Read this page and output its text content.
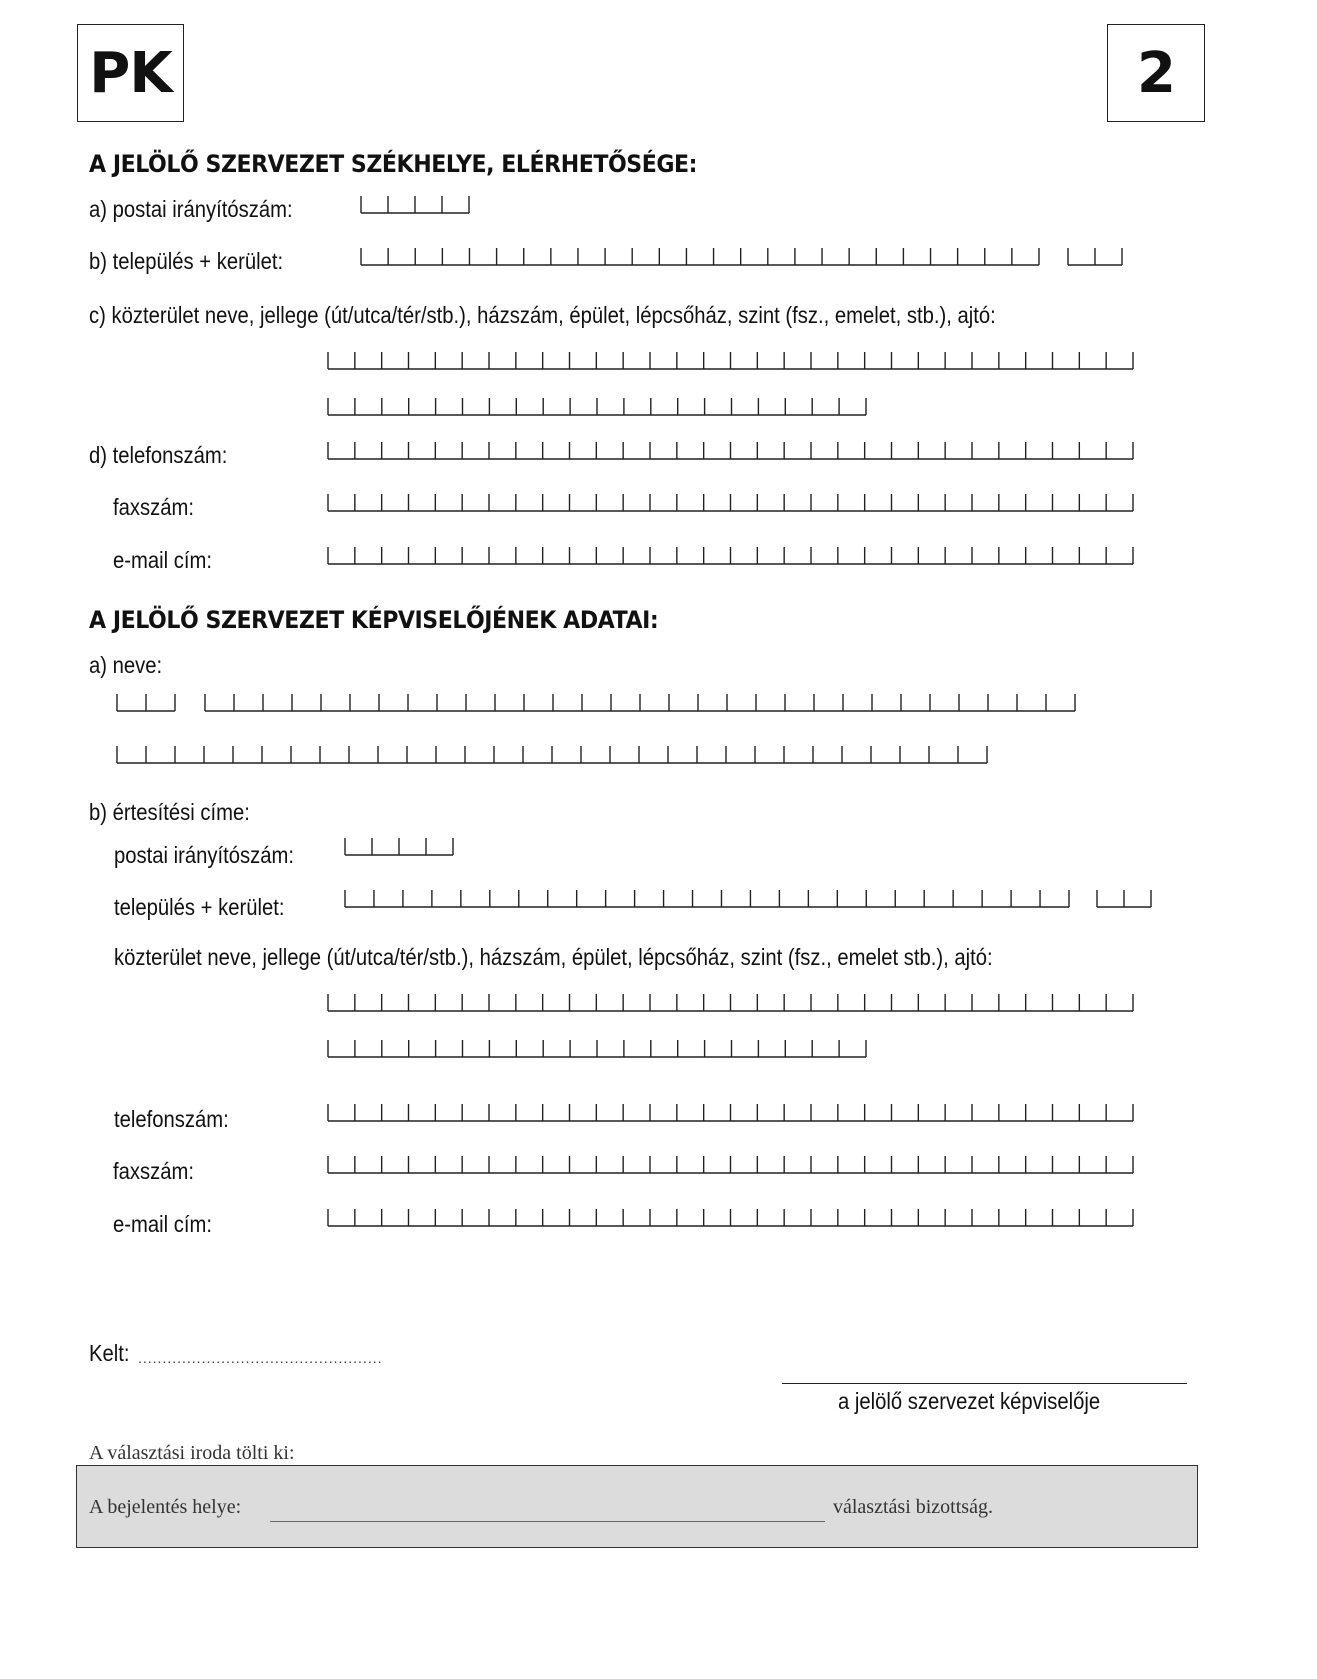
PK	2
A JELÖLŐ SZERVEZET SZÉKHELYE, ELÉRHETŐSÉGE:
a) postai irányítószám:
b) település + kerület:
c) közterület neve, jellege (út/utca/tér/stb.), házszám, épület, lépcsőház, szint (fsz., emelet, stb.), ajtó:
d) telefonszám:
faxszám:
e-mail cím:
A JELÖLŐ SZERVEZET KÉPVISELŐJÉNEK ADATAI:
a) neve:
b) értesítési címe:
postai irányítószám:
település + kerület:
közterület neve, jellege (út/utca/tér/stb.), házszám, épület, lépcsőház, szint (fsz., emelet stb.), ajtó:
telefonszám:
faxszám:
e-mail cím:
Kelt: ..................................................
a jelölő szervezet képviselője
A választási iroda tölti ki:
A bejelentés helye:	választási bizottság.
